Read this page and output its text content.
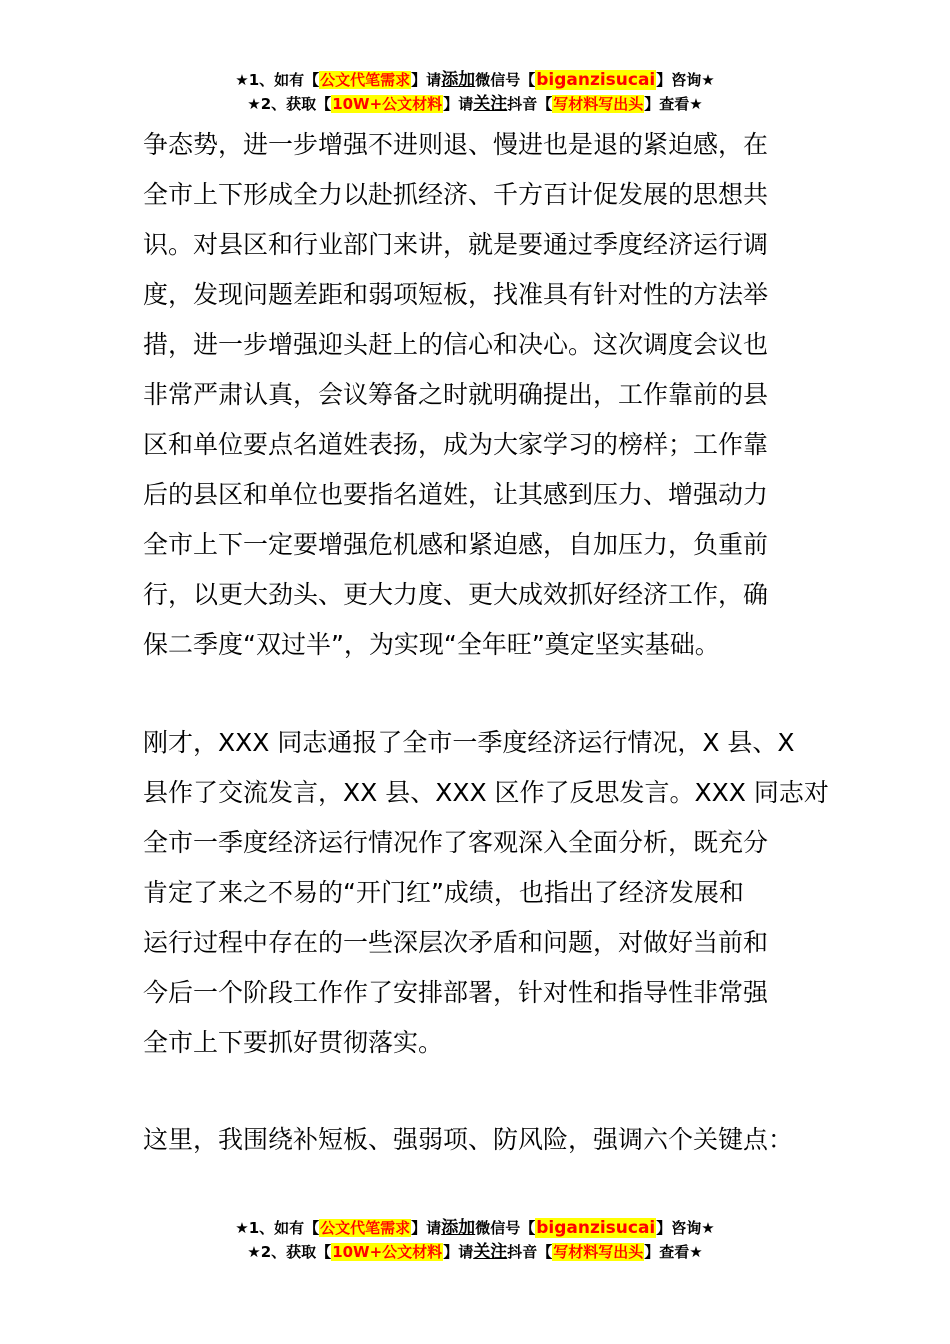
★1、如有【公文代笔需求】请添加微信号【biganzisucai】咨询★
★2、获取【10W+公文材料】请关注抖音【写材料写出头】查看★

争态势，进一步增强不进则退、慢进也是退的紧迫感，在
全市上下形成全力以赴抓经济、千方百计促发展的思想共
识。对县区和行业部门来讲，就是要通过季度经济运行调
度，发现问题差距和弱项短板，找准具有针对性的方法举
措，进一步增强迎头赶上的信心和决心。这次调度会议也
非常严肃认真，会议筹备之时就明确提出，工作靠前的县
区和单位要点名道姓表扬，成为大家学习的榜样；工作靠
后的县区和单位也要指名道姓，让其感到压力、增强动力
全市上下一定要增强危机感和紧迫感，自加压力，负重前
行，以更大劲头、更大力度、更大成效抓好经济工作，确
保二季度“双过半”，为实现“全年旺”奠定坚实基础。

刚才，XXX 同志通报了全市一季度经济运行情况，X 县、X
县作了交流发言，XX 县、XXX 区作了反思发言。XXX 同志对
全市一季度经济运行情况作了客观深入全面分析，既充分
肯定了来之不易的“开门红”成绩，也指出了经济发展和
运行过程中存在的一些深层次矛盾和问题，对做好当前和
今后一个阶段工作作了安排部署，针对性和指导性非常强
全市上下要抓好贯彻落实。

这里，我围绕补短板、强弱项、防风险，强调六个关键点：

★1、如有【公文代笔需求】请添加微信号【biganzisucai】咨询★
★2、获取【10W+公文材料】请关注抖音【写材料写出头】查看★
